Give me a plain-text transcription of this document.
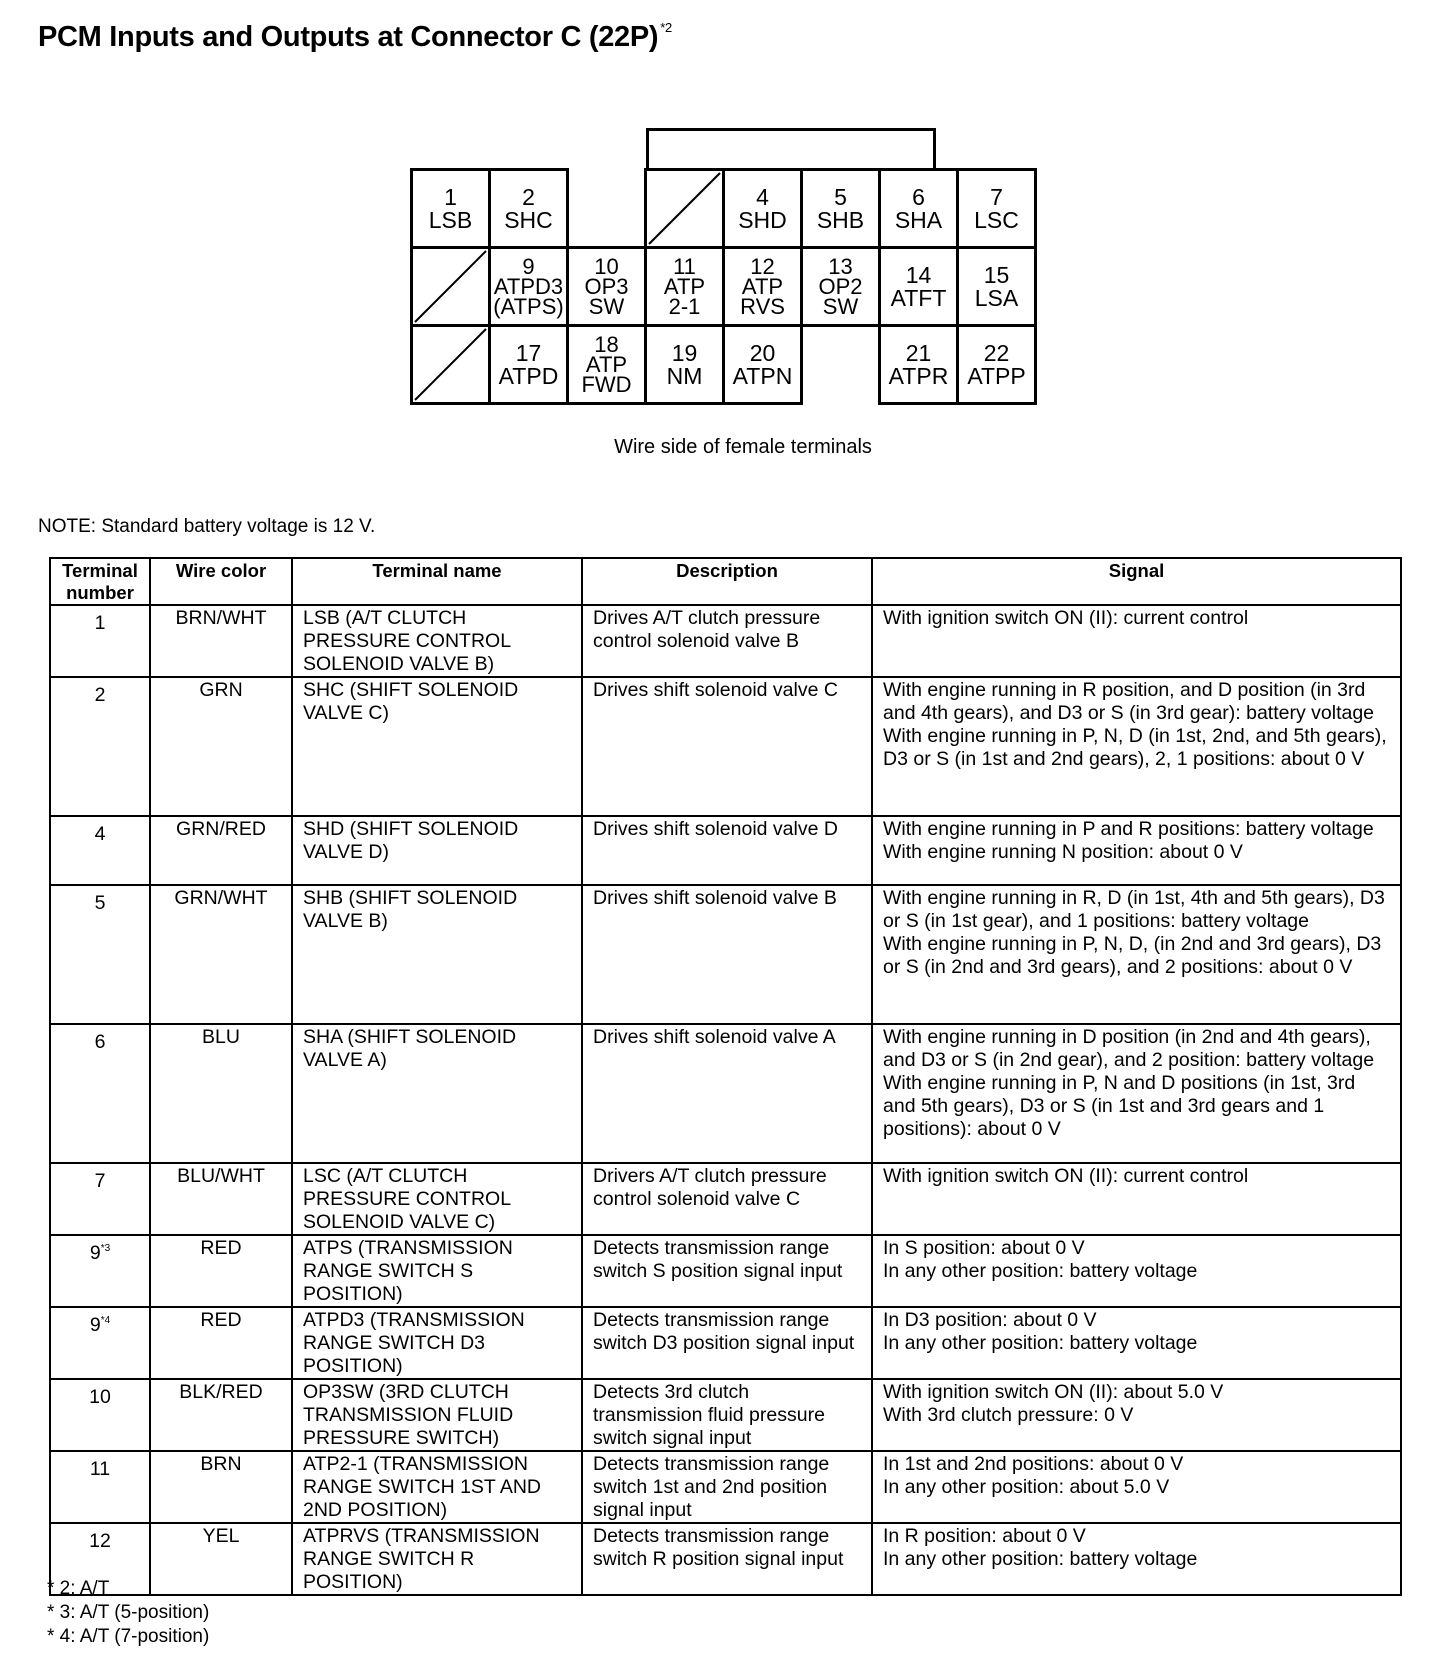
PCM Inputs and Outputs at Connector C (22P) $^{*2}$
1
LSB
2
SHC
4
SHD
5
SHB
6
SHA
7
LSC
9
ATPD3
(ATPS)
10
OP3
SW
11
ATP
2-1
12
ATP
RVS
13
OP2
SW
14
ATFT
15
LSA
17
ATPD
18
ATP
FWD
19
NM
20
ATPN
21
ATPR
22
ATPP
Wire side of female terminals
NOTE: Standard battery voltage is 12 V.
Terminal number	Wire color	Terminal name	Description	Signal
1	BRN/WHT	LSB (A/T CLUTCH PRESSURE CONTROL SOLENOID VALVE B)	Drives A/T clutch pressure control solenoid valve B	With ignition switch ON (II): current control
2	GRN	SHC (SHIFT SOLENOID VALVE C)	Drives shift solenoid valve C	With engine running in R position, and D position (in 3rd and 4th gears), and D3 or S (in 3rd gear): battery voltage
With engine running in P, N, D (in 1st, 2nd, and 5th gears), D3 or S (in 1st and 2nd gears), 2, 1 positions: about 0 V
4	GRN/RED	SHD (SHIFT SOLENOID VALVE D)	Drives shift solenoid valve D	With engine running in P and R positions: battery voltage
With engine running N position: about 0 V
5	GRN/WHT	SHB (SHIFT SOLENOID VALVE B)	Drives shift solenoid valve B	With engine running in R, D (in 1st, 4th and 5th gears), D3 or S (in 1st gear), and 1 positions: battery voltage
With engine running in P, N, D, (in 2nd and 3rd gears), D3 or S (in 2nd and 3rd gears), and 2 positions: about 0 V
6	BLU	SHA (SHIFT SOLENOID VALVE A)	Drives shift solenoid valve A	With engine running in D position (in 2nd and 4th gears), and D3 or S (in 2nd gear), and 2 position: battery voltage
With engine running in P, N and D positions (in 1st, 3rd and 5th gears), D3 or S (in 1st and 3rd gears and 1 positions): about 0 V
7	BLU/WHT	LSC (A/T CLUTCH PRESSURE CONTROL SOLENOID VALVE C)	Drivers A/T clutch pressure control solenoid valve C	With ignition switch ON (II): current control
9$^{*3}$	RED	ATPS (TRANSMISSION RANGE SWITCH S POSITION)	Detects transmission range switch S position signal input	In S position: about 0 V
In any other position: battery voltage
9$^{*4}$	RED	ATPD3 (TRANSMISSION RANGE SWITCH D3 POSITION)	Detects transmission range switch D3 position signal input	In D3 position: about 0 V
In any other position: battery voltage
10	BLK/RED	OP3SW (3RD CLUTCH TRANSMISSION FLUID PRESSURE SWITCH)	Detects 3rd clutch transmission fluid pressure switch signal input	With ignition switch ON (II): about 5.0 V
With 3rd clutch pressure: 0 V
11	BRN	ATP2-1 (TRANSMISSION RANGE SWITCH 1ST AND 2ND POSITION)	Detects transmission range switch 1st and 2nd position signal input	In 1st and 2nd positions: about 0 V
In any other position: about 5.0 V
12	YEL	ATPRVS (TRANSMISSION RANGE SWITCH R POSITION)	Detects transmission range switch R position signal input	In R position: about 0 V
In any other position: battery voltage
* 2: A/T
* 3: A/T (5-position)
* 4: A/T (7-position)
